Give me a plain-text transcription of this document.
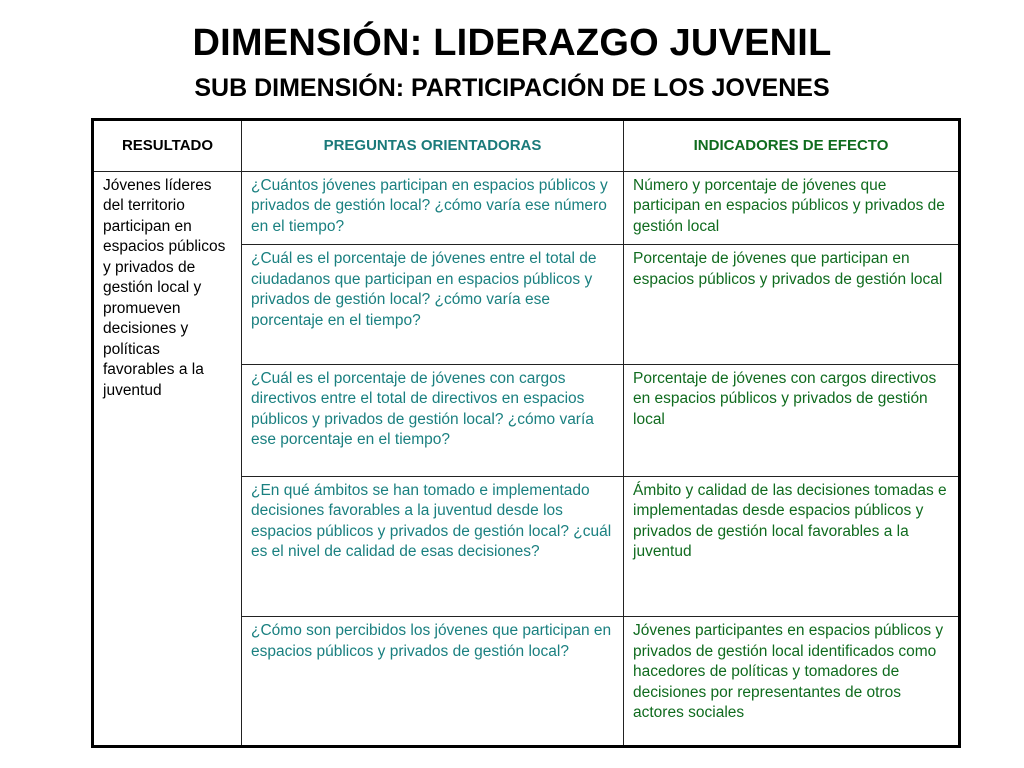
DIMENSIÓN: LIDERAZGO JUVENIL
SUB DIMENSIÓN: PARTICIPACIÓN DE LOS JOVENES
RESULTADO	PREGUNTAS ORIENTADORAS	INDICADORES DE EFECTO
Jóvenes líderes del territorio participan en espacios públicos y privados de gestión local y promueven decisiones y políticas favorables a la juventud	¿Cuántos jóvenes participan en espacios públicos y privados de gestión local? ¿cómo varía ese número en el tiempo?	Número y porcentaje de jóvenes que participan en espacios públicos y privados de gestión local
	¿Cuál es el porcentaje de jóvenes entre el total de ciudadanos que participan en espacios públicos y privados de gestión local? ¿cómo varía ese porcentaje en el tiempo?	Porcentaje de jóvenes que participan en espacios públicos y privados de gestión local
	¿Cuál es el porcentaje de jóvenes con cargos directivos entre el total de directivos en espacios públicos y privados de gestión local? ¿cómo varía ese porcentaje en el tiempo?	Porcentaje de jóvenes con cargos directivos en espacios públicos y privados de gestión local
	¿En qué ámbitos se han tomado e implementado decisiones favorables a la juventud desde los espacios públicos y privados de gestión local? ¿cuál es el nivel de calidad de esas decisiones?	Ámbito y calidad de las decisiones tomadas e implementadas desde espacios públicos y privados de gestión local favorables a la juventud
	¿Cómo son percibidos los jóvenes que participan en espacios públicos y privados de gestión local?	Jóvenes participantes en espacios públicos y privados de gestión local identificados como hacedores de políticas y tomadores de decisiones por representantes de otros actores sociales
